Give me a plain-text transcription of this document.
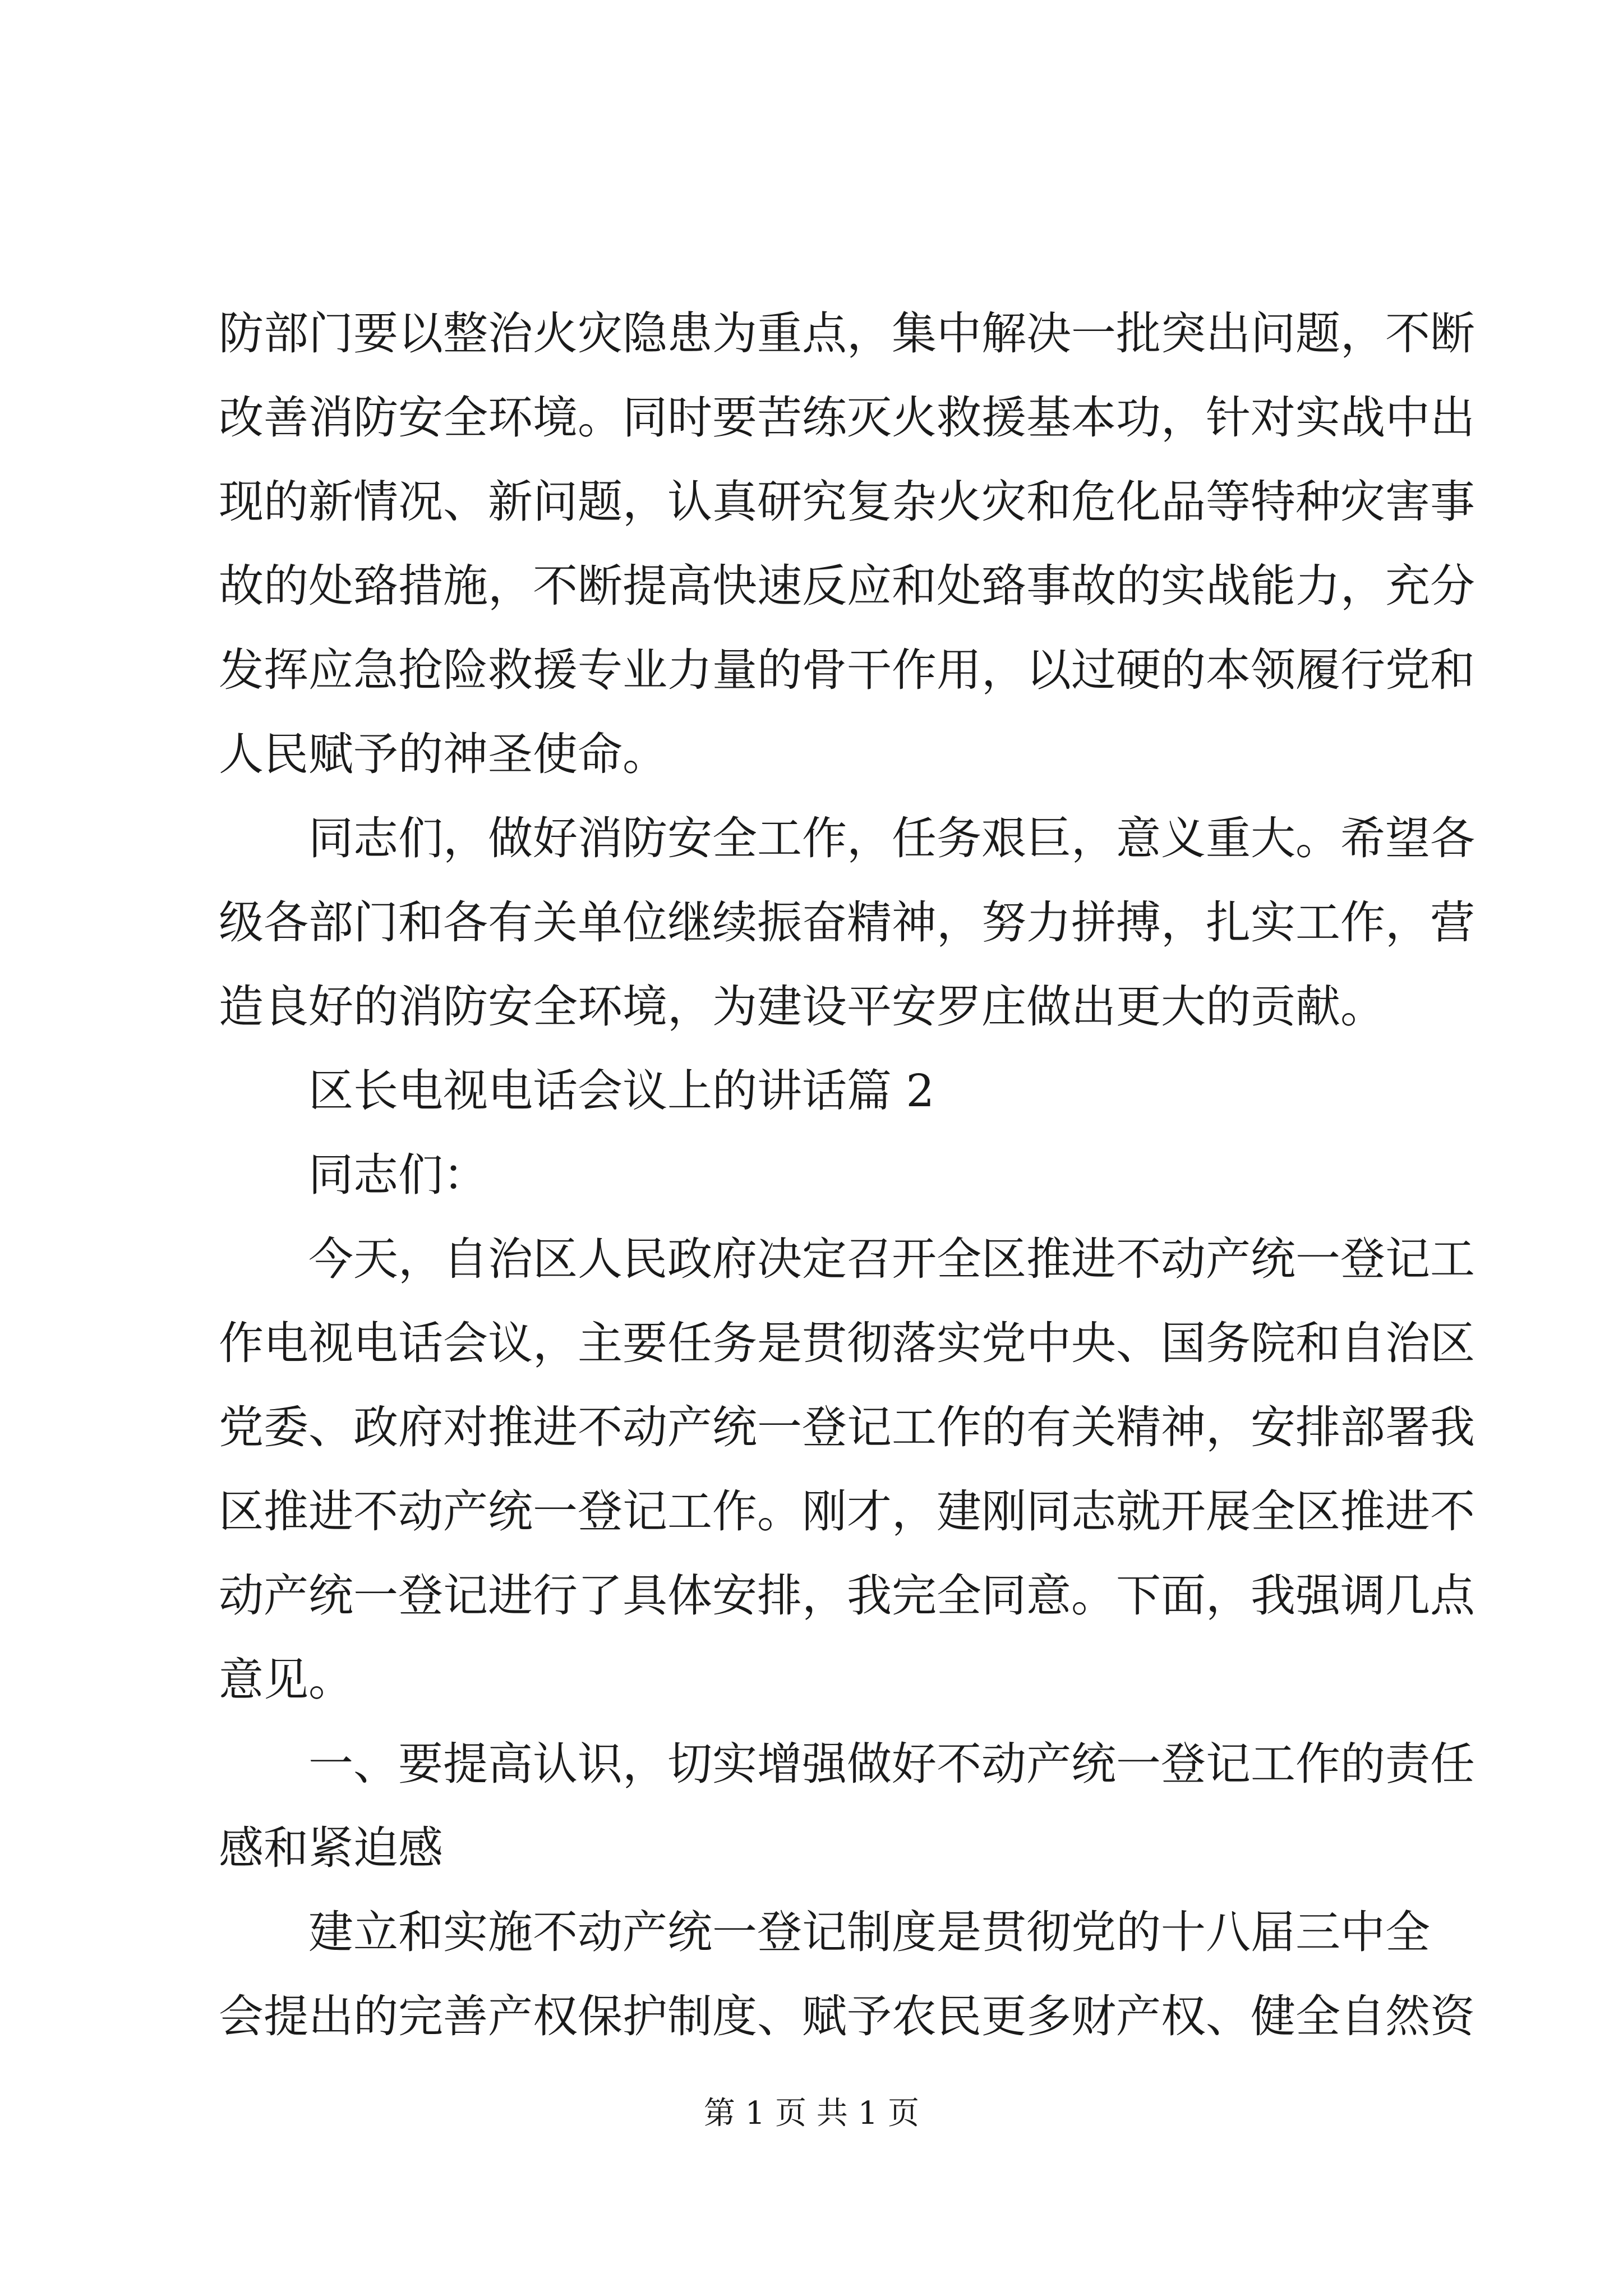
防部门要以整治火灾隐患为重点，集中解决一批突出问题，不断

改善消防安全环境。同时要苦练灭火救援基本功，针对实战中出

现的新情况、新问题，认真研究复杂火灾和危化品等特种灾害事

故的处臵措施，不断提高快速反应和处臵事故的实战能力，充分

发挥应急抢险救援专业力量的骨干作用，以过硬的本领履行党和

人民赋予的神圣使命。

同志们，做好消防安全工作，任务艰巨，意义重大。希望各

级各部门和各有关单位继续振奋精神，努力拼搏，扎实工作，营

造良好的消防安全环境，为建设平安罗庄做出更大的贡献。

区长电视电话会议上的讲话篇 2

同志们：

今天，自治区人民政府决定召开全区推进不动产统一登记工

作电视电话会议，主要任务是贯彻落实党中央、国务院和自治区

党委、政府对推进不动产统一登记工作的有关精神，安排部署我

区推进不动产统一登记工作。刚才，建刚同志就开展全区推进不

动产统一登记进行了具体安排，我完全同意。下面，我强调几点

意见。

一、要提高认识，切实增强做好不动产统一登记工作的责任

感和紧迫感

建立和实施不动产统一登记制度是贯彻党的十八届三中全

会提出的完善产权保护制度、赋予农民更多财产权、健全自然资

第 1 页 共 1 页
